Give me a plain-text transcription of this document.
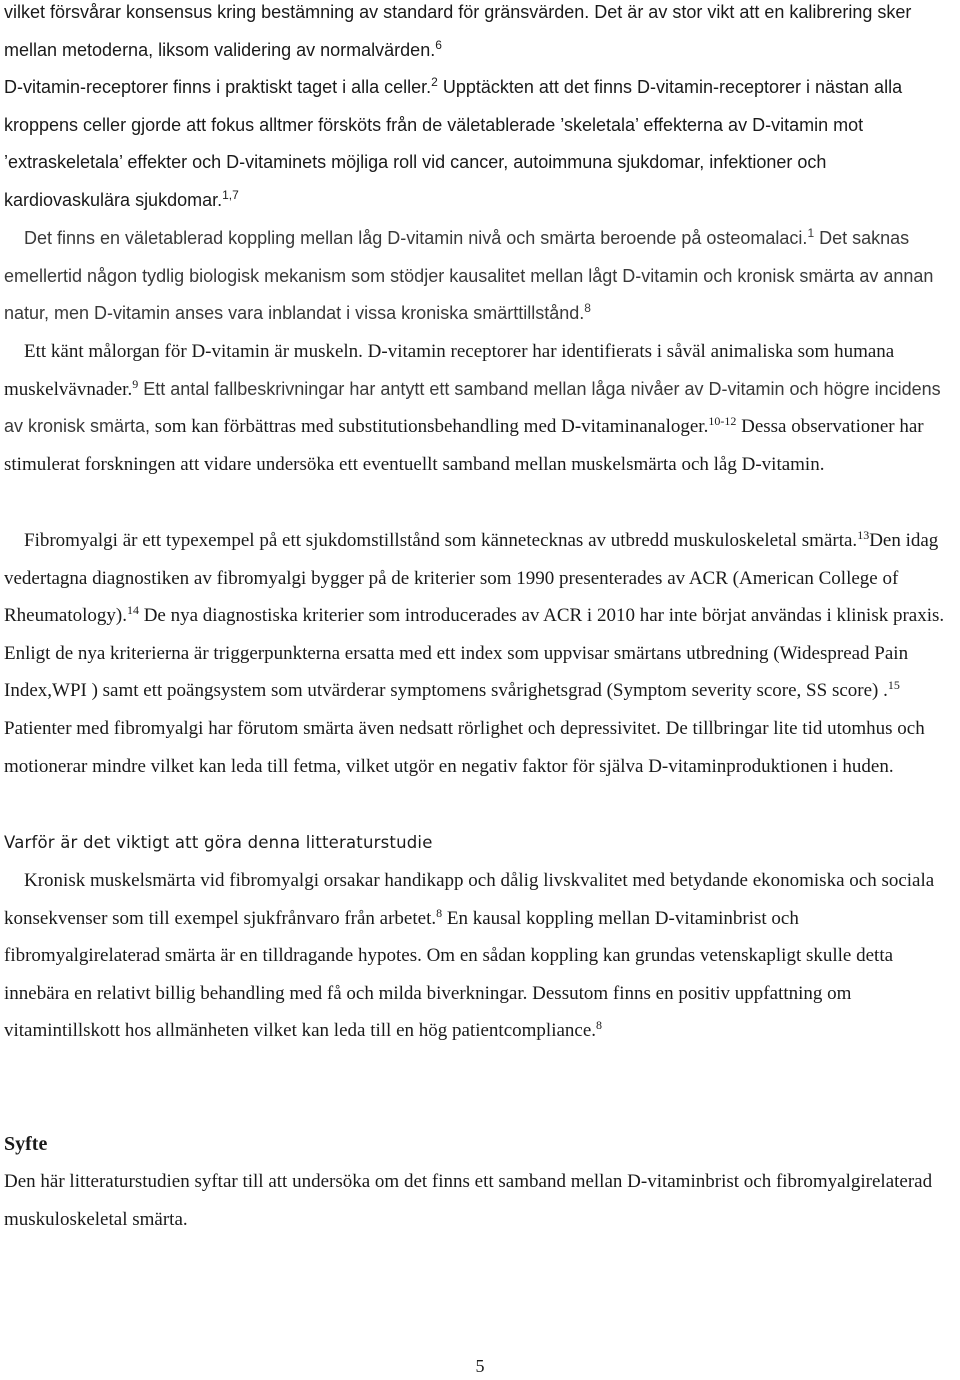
vilket försvårar konsensus kring bestämning av standard för gränsvärden. Det är av stor vikt att en kalibrering sker mellan metoderna, liksom validering av normalvärden.$^6$
D-vitamin-receptorer finns i praktiskt taget i alla celler.$^2$ Upptäckten att det finns D-vitamin-receptorer i nästan alla kroppens celler gjorde att fokus alltmer försköts från de väletablerade ’skeletala’ effekterna av D-vitamin mot ’extraskeletala’ effekter och D-vitaminets möjliga roll vid cancer, autoimmuna sjukdomar, infektioner och kardiovaskulära sjukdomar.$^{1,7}$
Det finns en väletablerad koppling mellan låg D-vitamin nivå och smärta beroende på osteomalaci.$^1$ Det saknas emellertid någon tydlig biologisk mekanism som stödjer kausalitet mellan lågt D-vitamin och kronisk smärta av annan natur, men D-vitamin anses vara inblandat i vissa kroniska smärttillstånd.$^8$
Ett känt målorgan för D-vitamin är muskeln. D-vitamin receptorer har identifierats i såväl animaliska som humana muskelvävnader.$^9$ Ett antal fallbeskrivningar har antytt ett samband mellan låga nivåer av D-vitamin och högre incidens av kronisk smärta, som kan förbättras med substitutionsbehandling med D-vitaminanaloger.$^{10-12}$ Dessa observationer har stimulerat forskningen att vidare undersöka ett eventuellt samband mellan muskelsmärta och låg D-vitamin.
Fibromyalgi är ett typexempel på ett sjukdomstillstånd som kännetecknas av utbredd muskuloskeletal smärta.$^{13}$Den idag vedertagna diagnostiken av fibromyalgi bygger på de kriterier som 1990 presenterades av ACR (American College of Rheumatology).$^{14}$ De nya diagnostiska kriterier som introducerades av ACR i 2010 har inte börjat användas i klinisk praxis. Enligt de nya kriterierna är triggerpunkterna ersatta med ett index som uppvisar smärtans utbredning (Widespread Pain Index,WPI ) samt ett poängsystem som utvärderar symptomens svårighetsgrad (Symptom severity score, SS score) .$^{15}$ Patienter med fibromyalgi har förutom smärta även nedsatt rörlighet och depressivitet. De tillbringar lite tid utomhus och motionerar mindre vilket kan leda till fetma, vilket utgör en negativ faktor för själva D-vitaminproduktionen i huden.
Varför är det viktigt att göra denna litteraturstudie
Kronisk muskelsmärta vid fibromyalgi orsakar handikapp och dålig livskvalitet med betydande ekonomiska och sociala konsekvenser som till exempel sjukfrånvaro från arbetet.$^8$ En kausal koppling mellan D-vitaminbrist och fibromyalgirelaterad smärta är en tilldragande hypotes. Om en sådan koppling kan grundas vetenskapligt skulle detta innebära en relativt billig behandling med få och milda biverkningar. Dessutom finns en positiv uppfattning om vitamintillskott hos allmänheten vilket kan leda till en hög patientcompliance.$^8$
Syfte
Den här litteraturstudien syftar till att undersöka om det finns ett samband mellan D-vitaminbrist och fibromyalgirelaterad muskuloskeletal smärta.
5
